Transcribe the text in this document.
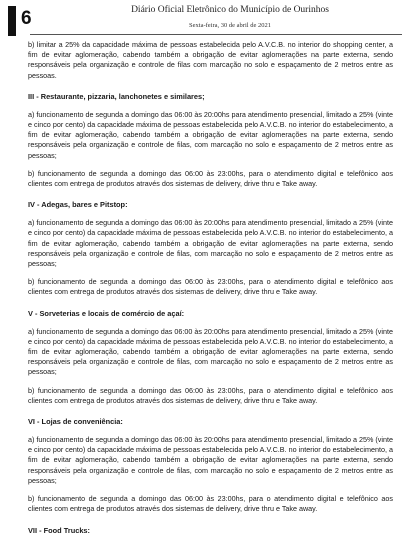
6	Diário Oficial Eletrônico do Município de Ourinhos
Sexta-feira, 30 de abril de 2021

b) limitar a 25% da capacidade máxima de pessoas estabelecida pelo A.V.C.B. no interior do shopping center, a fim de evitar aglomeração, cabendo também a obrigação de evitar aglomerações na parte externa, sendo responsáveis pela organização e controle de filas com marcação no solo e espaçamento de 2 metros entre as pessoas.

III - Restaurante, pizzaria, lanchonetes e similares;

a) funcionamento de segunda a domingo das 06:00 às 20:00hs para atendimento presencial, limitado a 25% (vinte e cinco por cento) da capacidade máxima de pessoas estabelecida pelo A.V.C.B. no interior do estabelecimento, a fim de evitar aglomeração, cabendo também a obrigação de evitar aglomerações na parte externa, sendo responsáveis pela organização e controle de filas, com marcação no solo e espaçamento de 2 metros entre as pessoas;

b) funcionamento de segunda a domingo das 06:00 às 23:00hs, para o atendimento digital e telefônico aos clientes com entrega de produtos através dos sistemas de delivery, drive thru e Take away.

IV - Adegas, bares e Pitstop:

a) funcionamento de segunda a domingo das 06:00 às 20:00hs para atendimento presencial, limitado a 25% (vinte e cinco por cento) da capacidade máxima de pessoas estabelecida pelo A.V.C.B. no interior do estabelecimento, a fim de evitar aglomeração, cabendo também a obrigação de evitar aglomerações na parte externa, sendo responsáveis pela organização e controle de filas, com marcação no solo e espaçamento de 2 metros entre as pessoas;

b) funcionamento de segunda a domingo das 06:00 às 23:00hs, para o atendimento digital e telefônico aos clientes com entrega de produtos através dos sistemas de delivery, drive thru e Take away.

V - Sorveterias e locais de comércio de açaí:

a) funcionamento de segunda a domingo das 06:00 às 20:00hs para atendimento presencial, limitado a 25% (vinte e cinco por cento) da capacidade máxima de pessoas estabelecida pelo A.V.C.B. no interior do estabelecimento, a fim de evitar aglomeração, cabendo também a obrigação de evitar aglomerações na parte externa, sendo responsáveis pela organização e controle de filas, com marcação no solo e espaçamento de 2 metros entre as pessoas;

b) funcionamento de segunda a domingo das 06:00 às 23:00hs, para o atendimento digital e telefônico aos clientes com entrega de produtos através dos sistemas de delivery, drive thru e Take away.

VI - Lojas de conveniência:

a) funcionamento de segunda a domingo das 06:00 às 20:00hs para atendimento presencial, limitado a 25% (vinte e cinco por cento) da capacidade máxima de pessoas estabelecida pelo A.V.C.B. no interior do estabelecimento, a fim de evitar aglomeração, cabendo também a obrigação de evitar aglomerações na parte externa, sendo responsáveis pela organização e controle de filas, com marcação no solo e espaçamento de 2 metros entre as pessoas;

b) funcionamento de segunda a domingo das 06:00 às 23:00hs, para o atendimento digital e telefônico aos clientes com entrega de produtos através dos sistemas de delivery, drive thru e Take away.

VII - Food Trucks:
